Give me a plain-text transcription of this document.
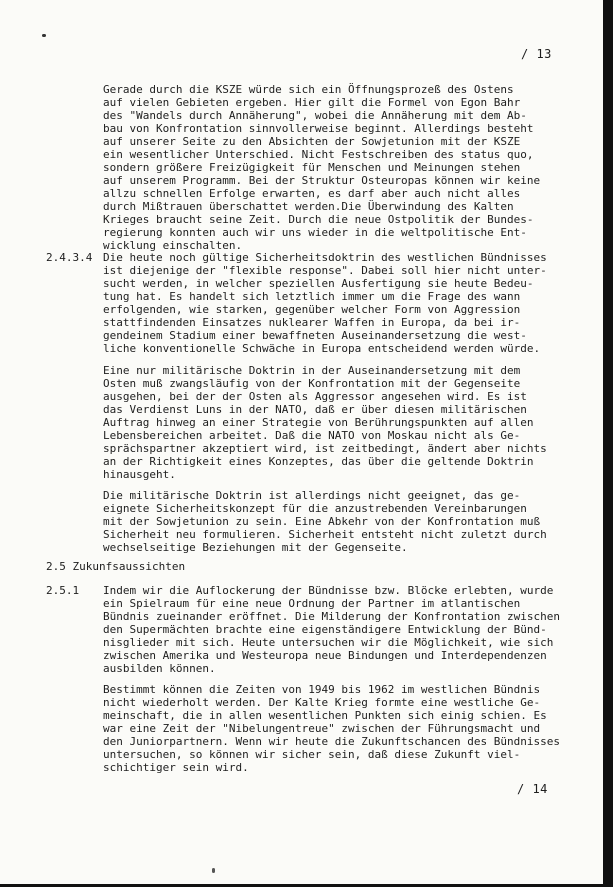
/ 13
Gerade durch die KSZE würde sich ein Öffnungsprozeß des Ostens
auf vielen Gebieten ergeben. Hier gilt die Formel von Egon Bahr
des "Wandels durch Annäherung", wobei die Annäherung mit dem Ab-
bau von Konfrontation sinnvollerweise beginnt. Allerdings besteht
auf unserer Seite zu den Absichten der Sowjetunion mit der KSZE
ein wesentlicher Unterschied. Nicht Festschreiben des status quo,
sondern größere Freizügigkeit für Menschen und Meinungen stehen
auf unserem Programm. Bei der Struktur Osteuropas können wir keine
allzu schnellen Erfolge erwarten, es darf aber auch nicht alles
durch Mißtrauen überschattet werden.Die Überwindung des Kalten
Krieges braucht seine Zeit. Durch die neue Ostpolitik der Bundes-
regierung konnten auch wir uns wieder in die weltpolitische Ent-
wicklung einschalten.
2.4.3.4 Die heute noch gültige Sicherheitsdoktrin des westlichen Bündnisses
ist diejenige der "flexible response". Dabei soll hier nicht unter-
sucht werden, in welcher speziellen Ausfertigung sie heute Bedeu-
tung hat. Es handelt sich letztlich immer um die Frage des wann
erfolgenden, wie starken, gegenüber welcher Form von Aggression
stattfindenden Einsatzes nuklearer Waffen in Europa, da bei ir-
gendeinem Stadium einer bewaffneten Auseinandersetzung die west-
liche konventionelle Schwäche in Europa entscheidend werden würde.
Eine nur militärische Doktrin in der Auseinandersetzung mit dem
Osten muß zwangsläufig von der Konfrontation mit der Gegenseite
ausgehen, bei der der Osten als Aggressor angesehen wird. Es ist
das Verdienst Luns in der NATO, daß er über diesen militärischen
Auftrag hinweg an einer Strategie von Berührungspunkten auf allen
Lebensbereichen arbeitet. Daß die NATO von Moskau nicht als Ge-
sprächspartner akzeptiert wird, ist zeitbedingt, ändert aber nichts
an der Richtigkeit eines Konzeptes, das über die geltende Doktrin
hinausgeht.
Die militärische Doktrin ist allerdings nicht geeignet, das ge-
eignete Sicherheitskonzept für die anzustrebenden Vereinbarungen
mit der Sowjetunion zu sein. Eine Abkehr von der Konfrontation muß
Sicherheit neu formulieren. Sicherheit entsteht nicht zuletzt durch
wechselseitige Beziehungen mit der Gegenseite.
2.5 Zukunfsaussichten
2.5.1 Indem wir die Auflockerung der Bündnisse bzw. Blöcke erlebten, wurde
ein Spielraum für eine neue Ordnung der Partner im atlantischen
Bündnis zueinander eröffnet. Die Milderung der Konfrontation zwischen
den Supermächten brachte eine eigenständigere Entwicklung der Bünd-
nisglieder mit sich. Heute untersuchen wir die Möglichkeit, wie sich
zwischen Amerika und Westeuropa neue Bindungen und Interdependenzen
ausbilden können.
Bestimmt können die Zeiten von 1949 bis 1962 im westlichen Bündnis
nicht wiederholt werden. Der Kalte Krieg formte eine westliche Ge-
meinschaft, die in allen wesentlichen Punkten sich einig schien. Es
war eine Zeit der "Nibelungentreue" zwischen der Führungsmacht und
den Juniorpartnern. Wenn wir heute die Zukunftschancen des Bündnisses
untersuchen, so können wir sicher sein, daß diese Zukunft viel-
schichtiger sein wird.
/ 14
